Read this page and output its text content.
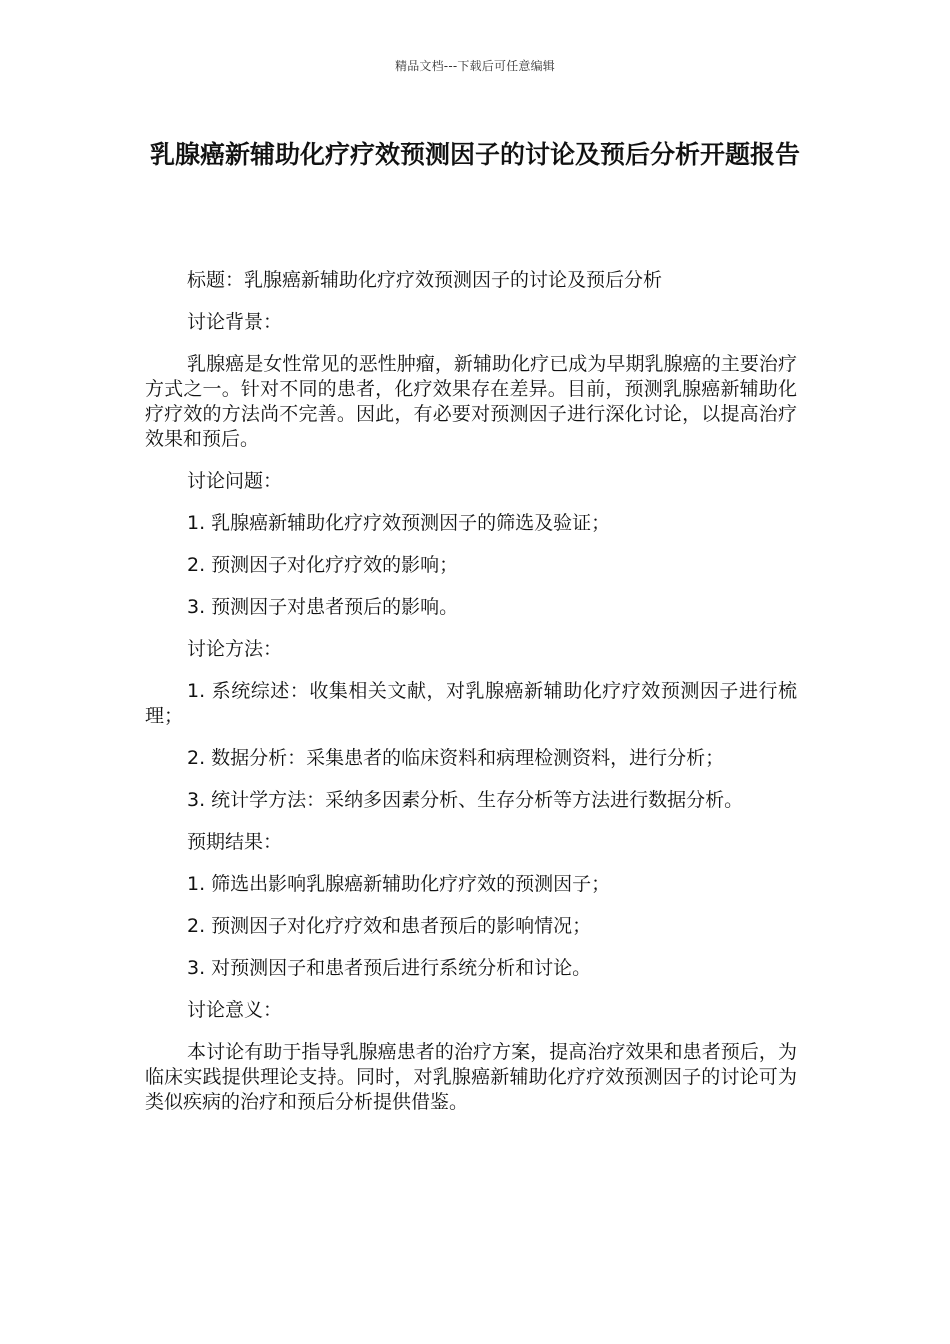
精品文档---下载后可任意编辑
乳腺癌新辅助化疗疗效预测因子的讨论及预后分析开题报告

标题：乳腺癌新辅助化疗疗效预测因子的讨论及预后分析

讨论背景：

乳腺癌是女性常见的恶性肿瘤，新辅助化疗已成为早期乳腺癌的主要治疗方式之一。针对不同的患者，化疗效果存在差异。目前，预测乳腺癌新辅助化疗疗效的方法尚不完善。因此，有必要对预测因子进行深化讨论，以提高治疗效果和预后。

讨论问题：

1. 乳腺癌新辅助化疗疗效预测因子的筛选及验证；

2. 预测因子对化疗疗效的影响；

3. 预测因子对患者预后的影响。

讨论方法：

1. 系统综述：收集相关文献，对乳腺癌新辅助化疗疗效预测因子进行梳理；

2. 数据分析：采集患者的临床资料和病理检测资料，进行分析；

3. 统计学方法：采纳多因素分析、生存分析等方法进行数据分析。

预期结果：

1. 筛选出影响乳腺癌新辅助化疗疗效的预测因子；

2. 预测因子对化疗疗效和患者预后的影响情况；

3. 对预测因子和患者预后进行系统分析和讨论。

讨论意义：

本讨论有助于指导乳腺癌患者的治疗方案，提高治疗效果和患者预后，为临床实践提供理论支持。同时，对乳腺癌新辅助化疗疗效预测因子的讨论可为类似疾病的治疗和预后分析提供借鉴。
